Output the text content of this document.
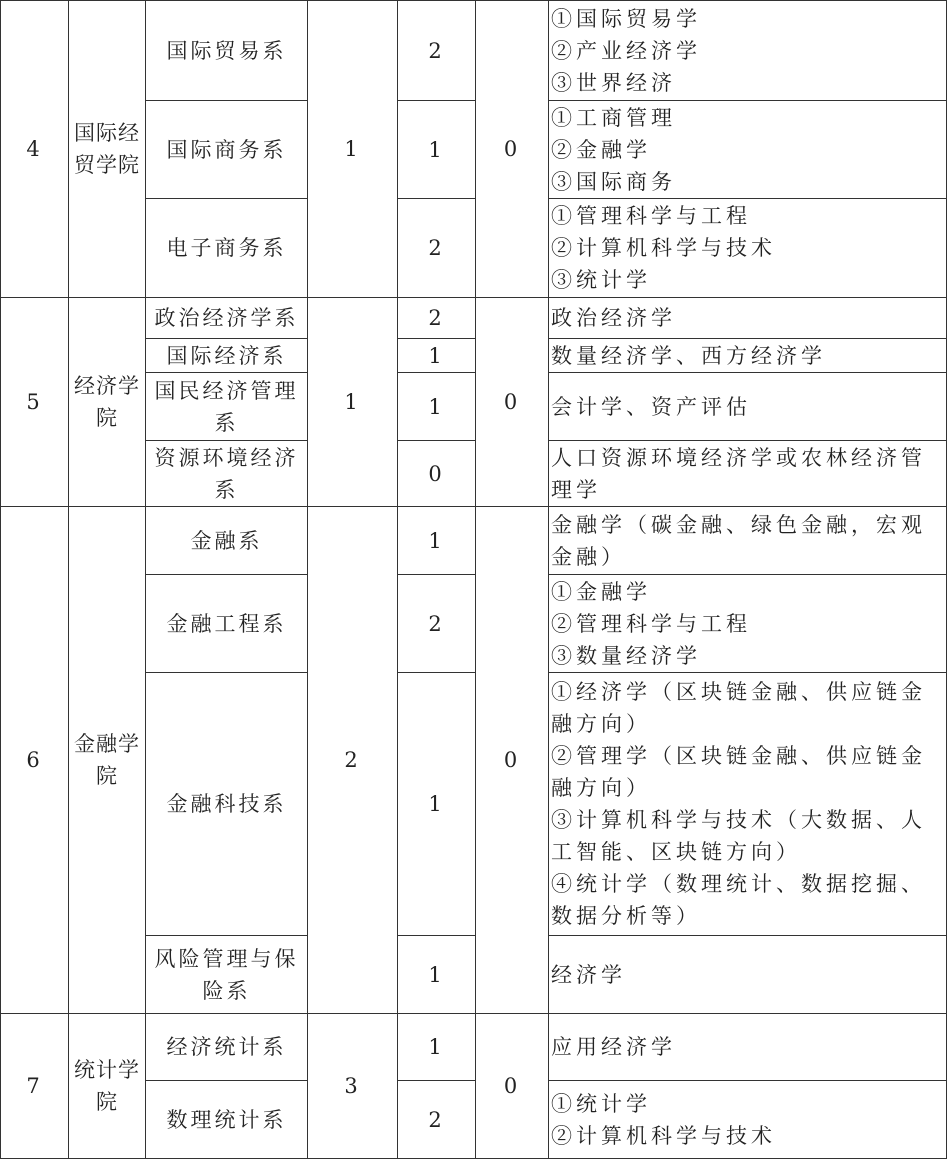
4	国际经贸学院	国际贸易系	1	2	0	①国际贸易学
②产业经济学
③世界经济

		国际商务系		1		①工商管理
②金融学
③国际商务

		电子商务系		2		①管理科学与工程
②计算机科学与技术
③统计学

5	经济学院	政治经济学系	1	2	0	政治经济学

		国际经济系		1		数量经济学、西方经济学

		国民经济管理系		1		会计学、资产评估

		资源环境经济系		0		人口资源环境经济学或农林经济管理学

6	金融学院	金融系	2	1	0	金融学（碳金融、绿色金融，宏观金融）

		金融工程系		2		①金融学
②管理科学与工程
③数量经济学

		金融科技系		1		①经济学（区块链金融、供应链金融方向）
②管理学（区块链金融、供应链金融方向）
③计算机科学与技术（大数据、人工智能、区块链方向）
④统计学（数理统计、数据挖掘、数据分析等）

		风险管理与保险系		1		经济学

7	统计学院	经济统计系	3	1	0	应用经济学

		数理统计系		2		①统计学
②计算机科学与技术
